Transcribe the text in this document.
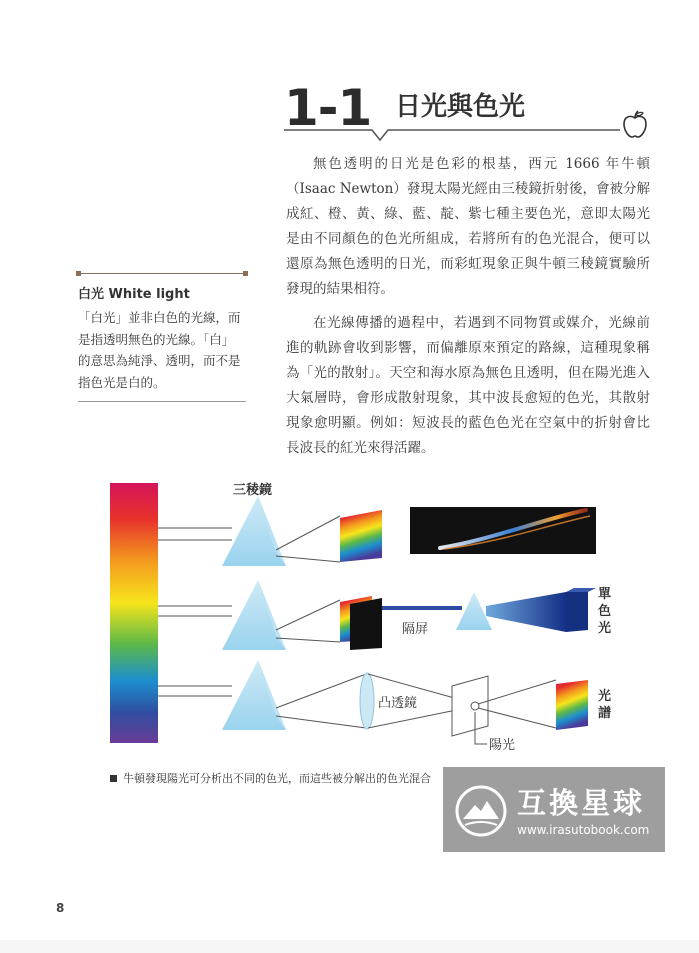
1-1 日光與色光

無色透明的日光是色彩的根基，西元 1666 年牛頓（Isaac Newton）發現太陽光經由三稜鏡折射後，會被分解成紅、橙、黃、綠、藍、靛、紫七種主要色光，意即太陽光是由不同顏色的色光所組成，若將所有的色光混合，便可以還原為無色透明的日光，而彩虹現象正與牛頓三稜鏡實驗所發現的結果相符。

在光線傳播的過程中，若遇到不同物質或媒介，光線前進的軌跡會收到影響，而偏離原來預定的路線，這種現象稱為「光的散射」。天空和海水原為無色且透明，但在陽光進入大氣層時，會形成散射現象，其中波長愈短的色光，其散射現象愈明顯。例如：短波長的藍色色光在空氣中的折射會比長波長的紅光來得活躍。

白光 White light

「白光」並非白色的光線，而是指透明無色的光線。「白」的意思為純淨、透明，而不是指色光是白的。

三稜鏡
隔屏
單
色
光
凸透鏡	光
譜
陽光

牛頓發現陽光可分析出不同的色光，而這些被分解出的色光混合

互換星球

www.irasutobook.com

8
